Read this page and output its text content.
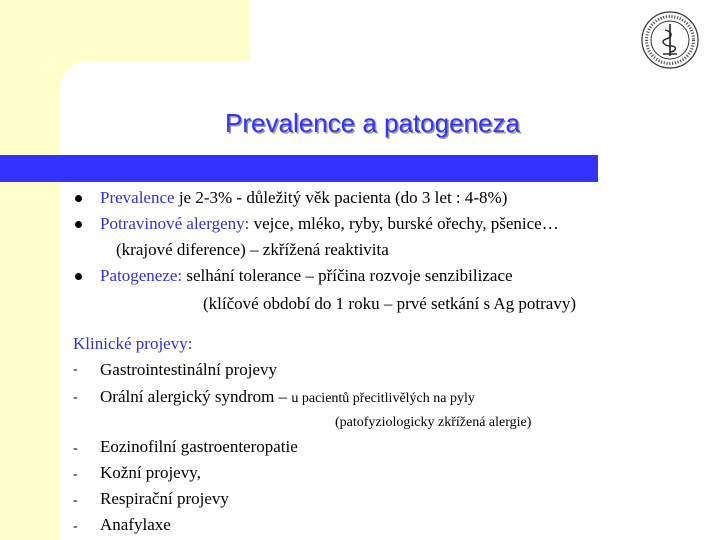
Prevalence a patogeneza
Prevalence je 2-3% - důležitý věk pacienta (do 3 let : 4-8%)
Potravinové alergeny: vejce, mléko, ryby, burské ořechy, pšenice…
(krajové diference) – zkřížená reaktivita
Patogeneze: selhání tolerance – příčina rozvoje senzibilizace
(klíčové období do 1 roku – prvé setkání s Ag potravy)
Klinické projevy:
- Gastrointestinální projevy
- Orální alergický syndrom – u pacientů přecitlivělých na pyly
(patofyziologicky zkřížená alergie)
- Eozinofilní gastroenteropatie
- Kožní projevy,
- Respirační projevy
- Anafylaxe
